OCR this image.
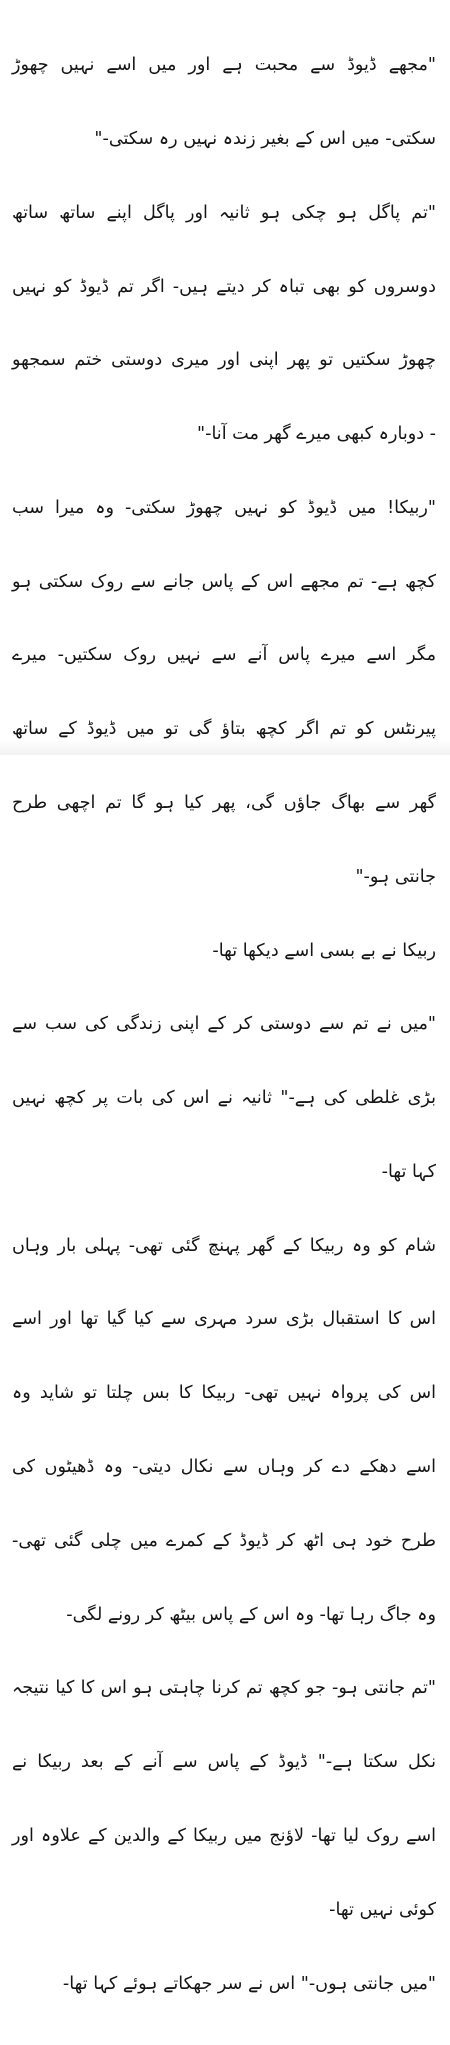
"مجھے ڈیوڈ سے محبت ہے اور میں اسے نہیں چھوڑ

سکتی- میں اس کے بغیر زندہ نہیں رہ سکتی-"

"تم پاگل ہو چکی ہو ثانیہ اور پاگل اپنے ساتھ ساتھ

دوسروں کو بھی تباہ کر دیتے ہیں- اگر تم ڈیوڈ کو نہیں

چھوڑ سکتیں تو پھر اپنی اور میری دوستی ختم سمجھو

- دوبارہ کبھی میرے گھر مت آنا-"

"ربیکا! میں ڈیوڈ کو نہیں چھوڑ سکتی- وہ میرا سب

کچھ ہے- تم مجھے اس کے پاس جانے سے روک سکتی ہو

مگر اسے میرے پاس آنے سے نہیں روک سکتیں- میرے

پیرنٹس کو تم اگر کچھ بتاؤ گی تو میں ڈیوڈ کے ساتھ

گھر سے بھاگ جاؤں گی، پھر کیا ہو گا تم اچھی طرح

جانتی ہو-"

ربیکا نے بے بسی اسے دیکھا تھا-

"میں نے تم سے دوستی کر کے اپنی زندگی کی سب سے

بڑی غلطی کی ہے-" ثانیہ نے اس کی بات پر کچھ نہیں

کہا تھا-

شام کو وہ ربیکا کے گھر پہنچ گئی تھی- پہلی بار وہاں

اس کا استقبال بڑی سرد مہری سے کیا گیا تھا اور اسے

اس کی پرواہ نہیں تھی- ربیکا کا بس چلتا تو شاید وہ

اسے دھکے دے کر وہاں سے نکال دیتی- وہ ڈھیٹوں کی

طرح خود ہی اٹھ کر ڈیوڈ کے کمرے میں چلی گئی تھی-

وہ جاگ رہا تھا- وہ اس کے پاس بیٹھ کر رونے لگی-

"تم جانتی ہو- جو کچھ تم کرنا چاہتی ہو اس کا کیا نتیجہ

نکل سکتا ہے-" ڈیوڈ کے پاس سے آنے کے بعد ربیکا نے

اسے روک لیا تھا- لاؤنج میں ربیکا کے والدین کے علاوہ اور

کوئی نہیں تھا-

"میں جانتی ہوں-" اس نے سر جھکاتے ہوئے کہا تھا-
